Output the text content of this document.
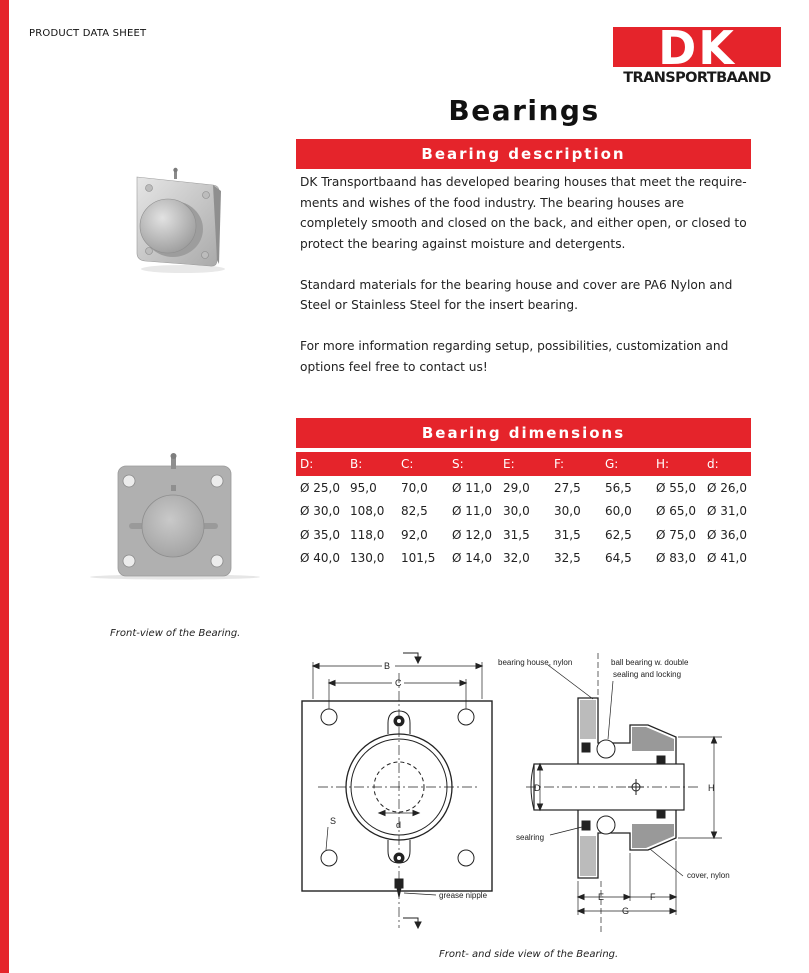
PRODUCT DATA SHEET	DK
TRANSPORTBAAND
Bearings
Bearing description

DK Transportbaand has developed bearing houses that meet the require-ments and wishes of the food industry. The bearing houses are completely smooth and closed on the back, and either open, or closed to protect the bearing against moisture and detergents.

Standard materials for the bearing house and cover are PA6 Nylon and Steel or Stainless Steel for the insert bearing.

For more information regarding setup, possibilities, customization and options feel free to contact us!

Bearing dimensions
D:	B:	C:	S:	E:	F:	G:	H:	d:
Ø 25,0	95,0	70,0	Ø 11,0	29,0	27,5	56,5	Ø 55,0	Ø 26,0
Ø 30,0	108,0	82,5	Ø 11,0	30,0	30,0	60,0	Ø 65,0	Ø 31,0
Ø 35,0	118,0	92,0	Ø 12,0	31,5	31,5	62,5	Ø 75,0	Ø 36,0
Ø 40,0	130,0	101,5	Ø 14,0	32,0	32,5	64,5	Ø 83,0	Ø 41,0
Front-view of the Bearing.
B
C
d
S
grease nipple
D	H
E	F
G
bearing house, nylon	ball bearing w. double
sealing and locking
sealring
cover, nylon
Front- and side view of the Bearing.
